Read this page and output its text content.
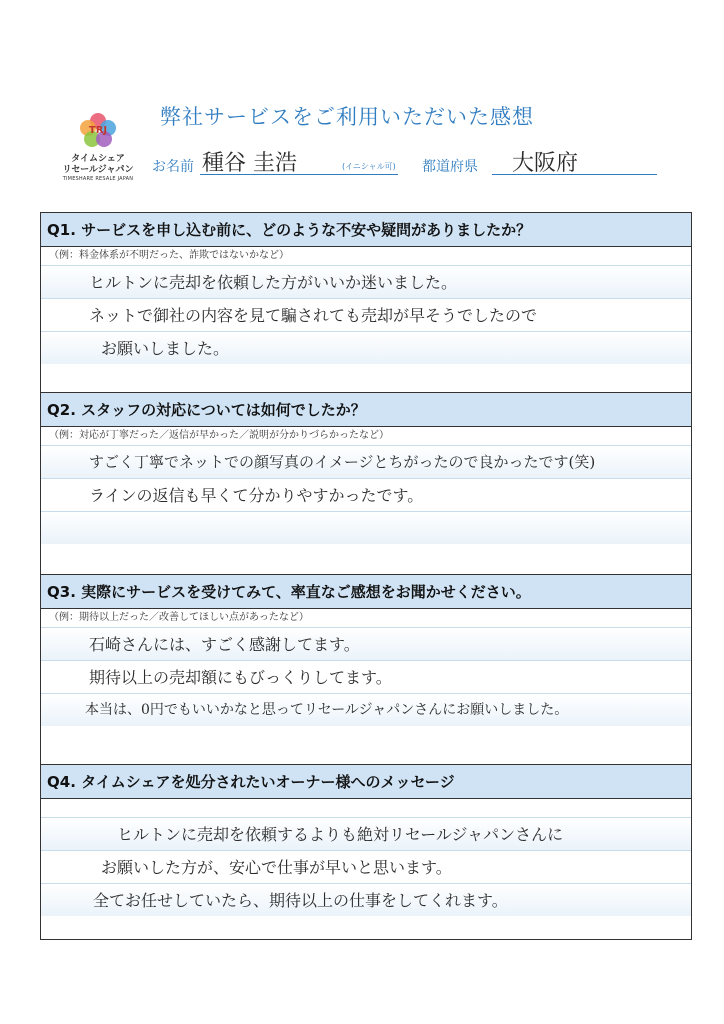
TRJ
タイムシェア
リセールジャパン
TIMESHARE RESALE JAPAN
弊社サービスをご利用いただいた感想
お名前 種谷 圭浩	(イニシャル可) 都道府県 大阪府
Q1. サービスを申し込む前に、どのような不安や疑問がありましたか？
（例：料金体系が不明だった、詐欺ではないかなど）
ヒルトンに売却を依頼した方がいいか迷いました。
ネットで御社の内容を見て騙されても売却が早そうでしたので
お願いしました。
Q2. スタッフの対応については如何でしたか？
（例：対応が丁寧だった／返信が早かった／説明が分かりづらかったなど）
すごく丁寧でネットでの顔写真のイメージとちがったので良かったです(笑)
ラインの返信も早くて分かりやすかったです。
Q3. 実際にサービスを受けてみて、率直なご感想をお聞かせください。
（例：期待以上だった／改善してほしい点があったなど）
石崎さんには、すごく感謝してます。
期待以上の売却額にもびっくりしてます。
本当は、0円でもいいかなと思ってリセールジャパンさんにお願いしました。
Q4. タイムシェアを処分されたいオーナー様へのメッセージ
ヒルトンに売却を依頼するよりも絶対リセールジャパンさんに
お願いした方が、安心で仕事が早いと思います。
全てお任せしていたら、期待以上の仕事をしてくれます。
